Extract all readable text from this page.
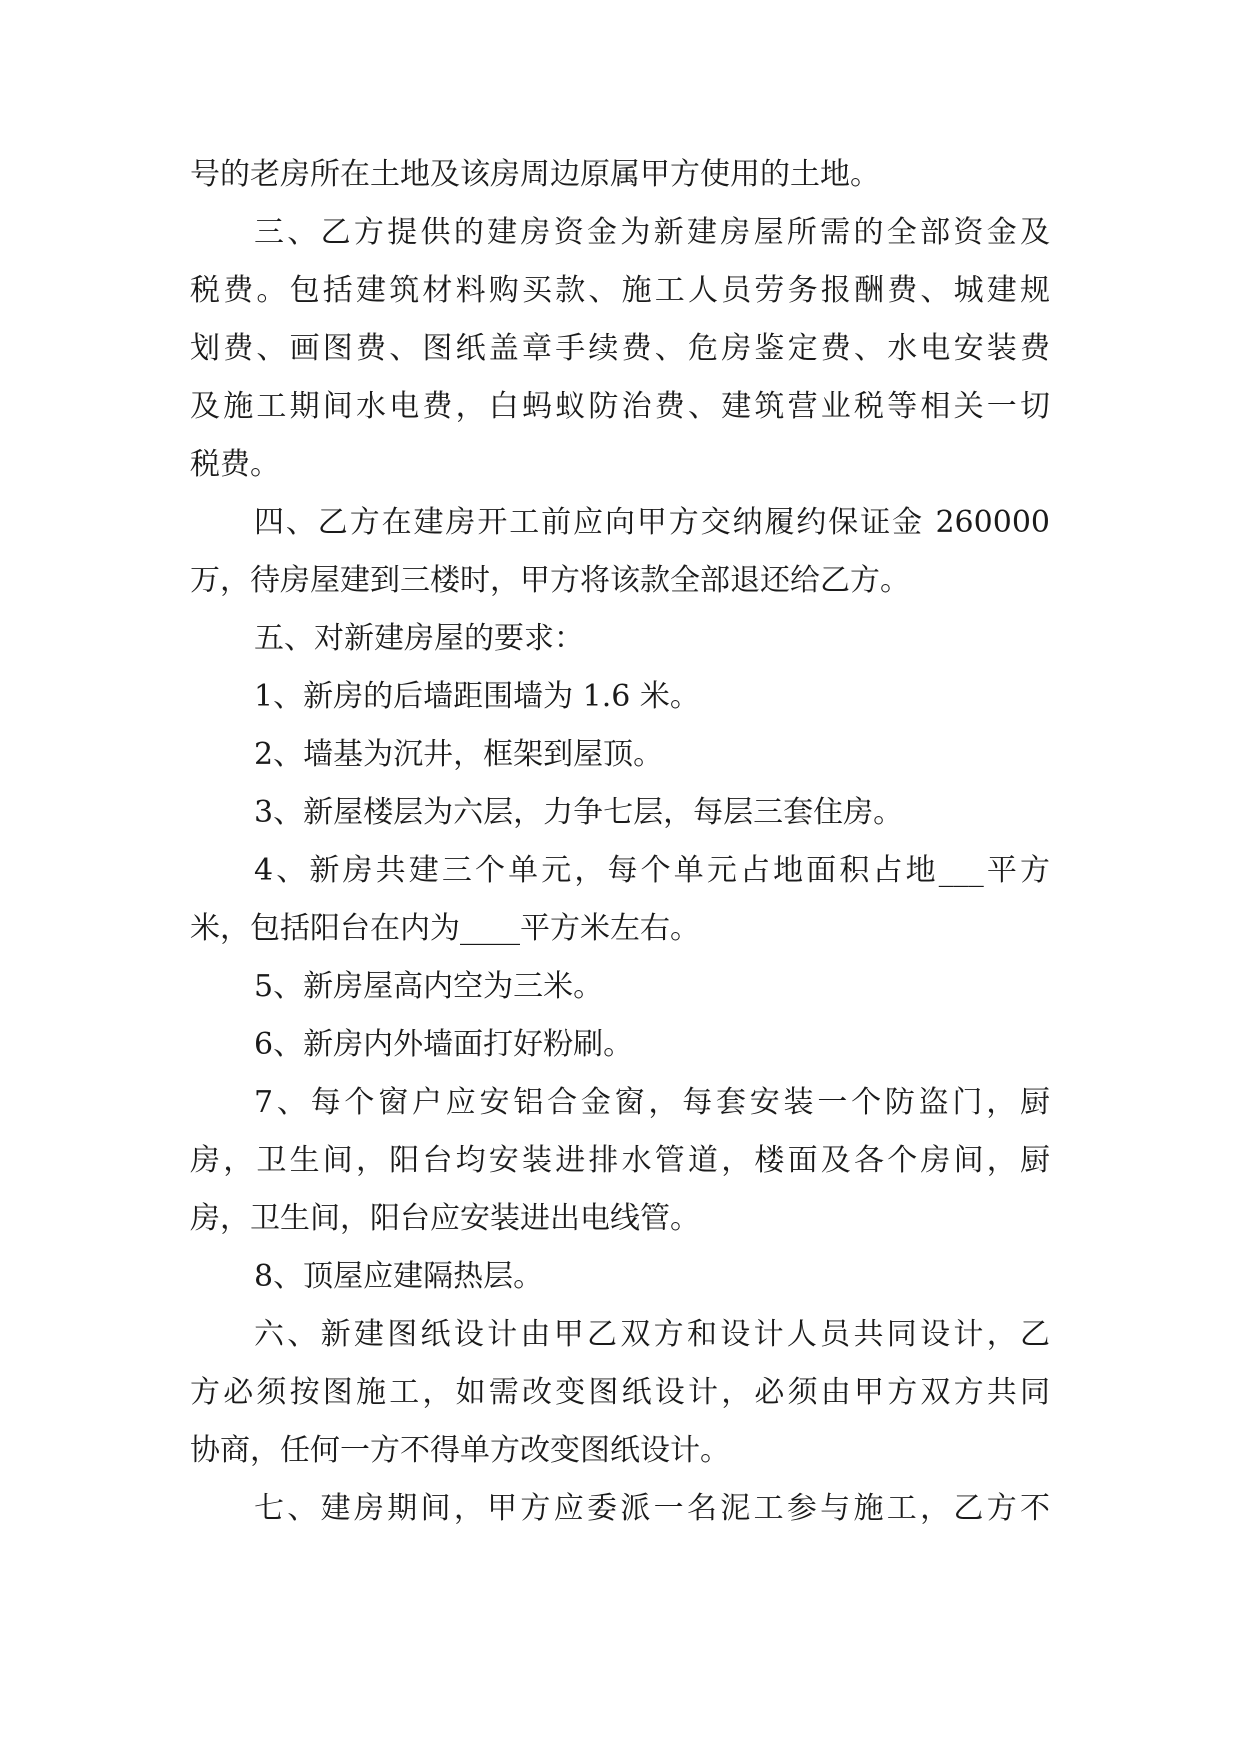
号的老房所在土地及该房周边原属甲方使用的土地。
三、乙方提供的建房资金为新建房屋所需的全部资金及
税费。包括建筑材料购买款、施工人员劳务报酬费、城建规
划费、画图费、图纸盖章手续费、危房鉴定费、水电安装费
及施工期间水电费，白蚂蚁防治费、建筑营业税等相关一切
税费。
四、乙方在建房开工前应向甲方交纳履约保证金 260000
万，待房屋建到三楼时，甲方将该款全部退还给乙方。
五、对新建房屋的要求：
1、新房的后墙距围墙为 1.6 米。
2、墙基为沉井，框架到屋顶。
3、新屋楼层为六层，力争七层，每层三套住房。
4、新房共建三个单元，每个单元占地面积占地___平方
米，包括阳台在内为____平方米左右。
5、新房屋高内空为三米。
6、新房内外墙面打好粉刷。
7、每个窗户应安铝合金窗，每套安装一个防盗门，厨
房，卫生间，阳台均安装进排水管道，楼面及各个房间，厨
房，卫生间，阳台应安装进出电线管。
8、顶屋应建隔热层。
六、新建图纸设计由甲乙双方和设计人员共同设计，乙
方必须按图施工，如需改变图纸设计，必须由甲方双方共同
协商，任何一方不得单方改变图纸设计。
七、建房期间，甲方应委派一名泥工参与施工，乙方不
